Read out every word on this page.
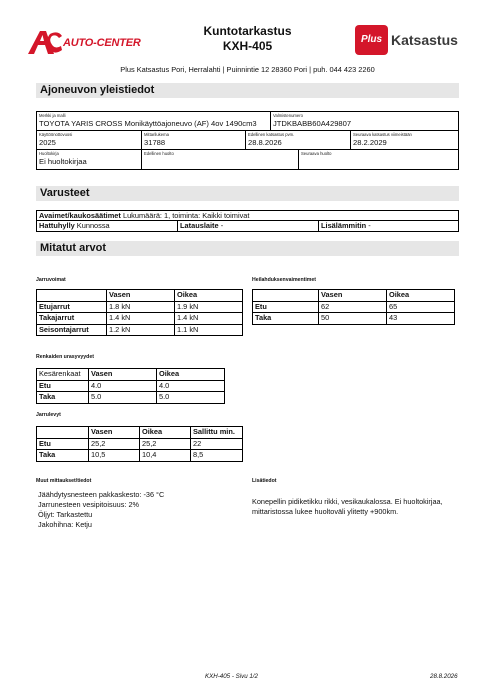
AUTO-CENTER
Kuntotarkastus
KXH-405	Plus Katsastus
Plus Katsastus Pori, Herralahti | Puinnintie 12 28360 Pori | puh. 044 423 2260
Ajoneuvon yleistiedot
Merkki ja malli
TOYOTA YARIS CROSS Monikäyttöajoneuvo (AF) 4ov 1490cm3
Valmistenumero
JTDKBABB60A429807
Käyttöönottovuosi
2025
Mittarilukema
31788
Edellinen katsastus pvm.
28.8.2026
Seuraava katsastus viimeistään
28.2.2029
Huoltokirja
Ei huoltokirjaa
Edellinen huolto	Seuraava huolto
Varusteet
Avaimet/kaukosäätimet Lukumäärä: 1, toiminta: Kaikki toimivat
Hattuhylly Kunnossa	Latauslaite -	Lisälämmitin -
Mitatut arvot
Jarruvoimat
	Vasen	Oikea
Etujarrut	1.8 kN	1.9 kN
Takajarrut	1.4 kN	1.4 kN
Seisontajarrut	1.2 kN	1.1 kN
Heilahduksenvaimentimet
	Vasen	Oikea
Etu	62	65
Taka	50	43
Renkaiden urasyvyydet
Kesärenkaat	Vasen	Oikea
Etu	4.0	4.0
Taka	5.0	5.0
Jarrulevyt
	Vasen	Oikea	Sallittu min.
Etu	25,2	25,2	22
Taka	10,5	10,4	8,5
Muut mittaukset/tiedot
Jäähdytysnesteen pakkaskesto: -36 °C
Jarrunesteen vesipitoisuus: 2%
Öljyt: Tarkastettu
Jakohihna: Ketju
Lisätiedot
Konepellin pidiketikku rikki, vesikaukalossa. Ei huoltokirjaa, mittaristossa lukee huoltoväli ylitetty +900km.
KXH-405 - Sivu 1/2	28.8.2026
